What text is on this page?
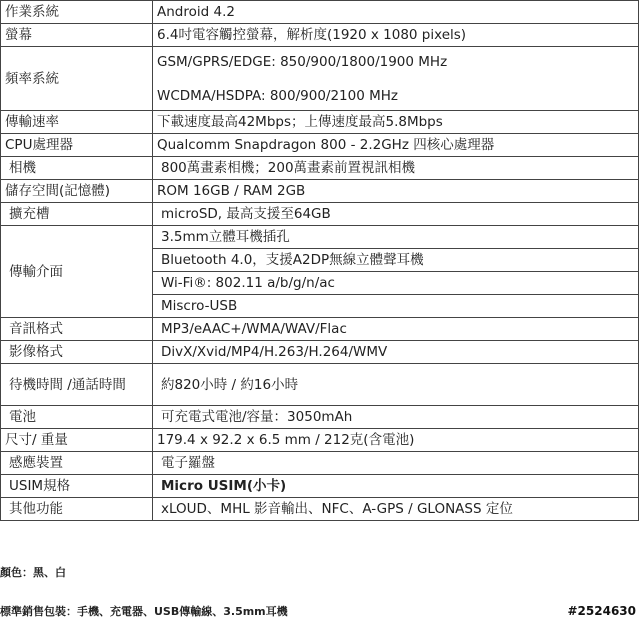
作業系統	Android 4.2
螢幕	6.4吋電容觸控螢幕，解析度(1920 x 1080 pixels)
頻率系統	GSM/GPRS/EDGE: 850/900/1800/1900 MHz
WCDMA/HSDPA: 800/900/2100 MHz

傳輸速率	下載速度最高42Mbps；上傳速度最高5.8Mbps
CPU處理器	Qualcomm Snapdragon 800 - 2.2GHz 四核心處理器
相機	800萬畫素相機；200萬畫素前置視訊相機
儲存空間(記憶體)	ROM 16GB / RAM 2GB
擴充槽	microSD, 最高支援至64GB
傳輸介面	3.5mm立體耳機插孔
	Bluetooth 4.0，支援A2DP無線立體聲耳機
	Wi-Fi®: 802.11 a/b/g/n/ac
	Miscro-USB
音訊格式	MP3/eAAC+/WMA/WAV/Flac
影像格式	DivX/Xvid/MP4/H.263/H.264/WMV
待機時間 /通話時間	約820小時 / 約16小時
電池	可充電式電池/容量：3050mAh
尺寸/ 重量	179.4 x 92.2 x 6.5 mm / 212克(含電池)
感應裝置	電子羅盤
USIM規格	Micro USIM(小卡)
其他功能	xLOUD、MHL 影音輸出、NFC、A-GPS / GLONASS 定位
顏色：黑、白
標準銷售包裝：手機、充電器、USB傳輸線、3.5mm耳機	#2524630
